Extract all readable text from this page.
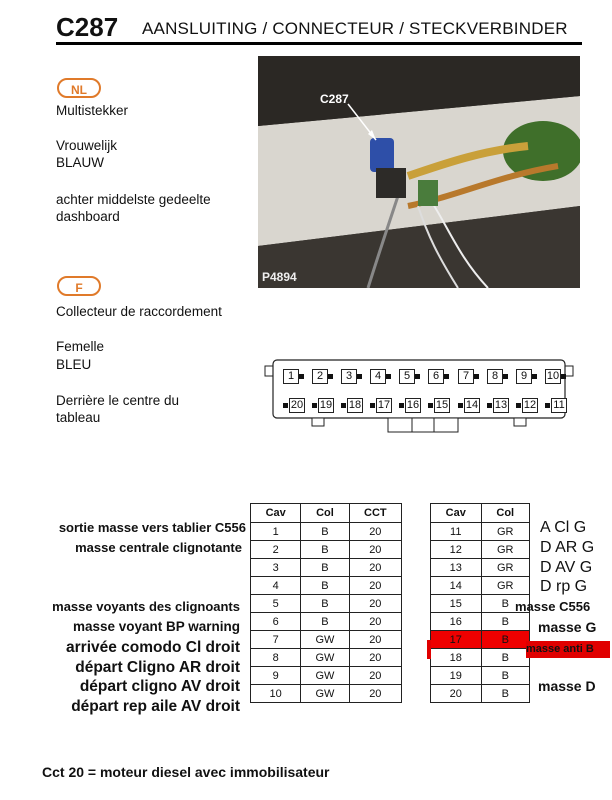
C287 AANSLUITING / CONNECTEUR / STECKVERBINDER
NL
Multistekker
Vrouwelijk
BLAUW
achter middelste gedeelte
dashboard
F
Collecteur de raccordement
Femelle
BLEU
Derrière le centre du
tableau
C287
P4894
1	2	3	4	5	6	7	8	9	10
20 19 18 17 16 15 14 13 12 11
sortie masse vers tablier C556
masse centrale clignotante
masse voyants des clignoants
masse voyant BP warning
arrivée comodo Cl droit
départ Cligno AR droit
départ cligno AV droit
départ rep aile AV droit
Cav	Col	CCT
1	B	20
2	B	20
3	B	20
4	B	20
5	B	20
6	B	20
7	GW	20
8	GW	20
9	GW	20
10	GW	20
Cav	Col
11	GR
12	GR
13	GR
14	GR
15	B
16	B
17	B
18	B
19	B
20	B
A Cl G
D AR G
D AV G
D rp G
masse C556
masse G
masse anti B
masse D
Cct 20 = moteur diesel avec immobilisateur
